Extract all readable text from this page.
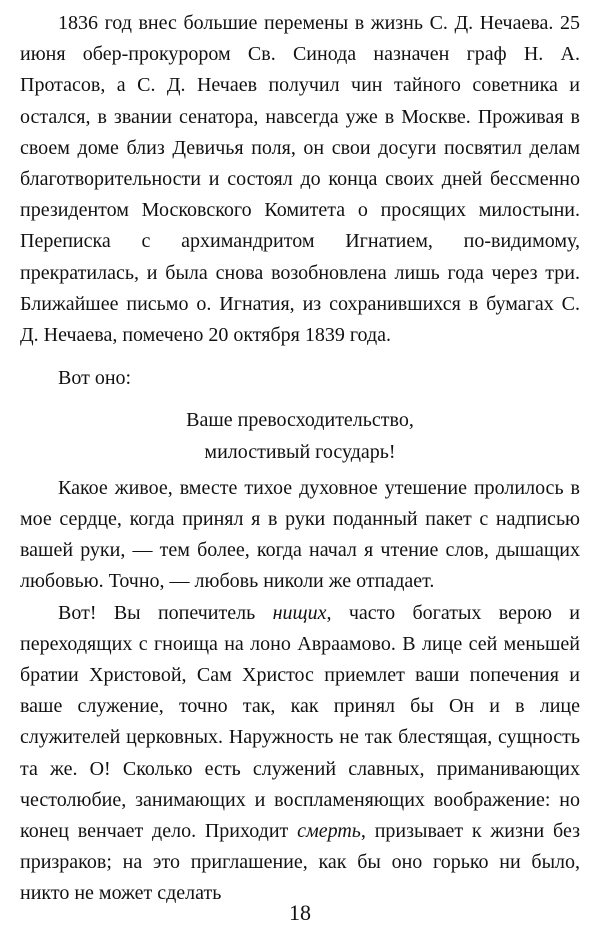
1836 год внес большие перемены в жизнь С. Д. Нечаева. 25 июня обер-прокурором Св. Синода назначен граф Н. А. Протасов, а С. Д. Нечаев получил чин тайного советника и остался, в звании сенатора, навсегда уже в Москве. Проживая в своем доме близ Девичья поля, он свои досуги посвятил делам благотворительности и состоял до конца своих дней бессменно президентом Московского Комитета о просящих милостыни. Переписка с архимандритом Игнатием, по-видимому, прекратилась, и была снова возобновлена лишь года через три. Ближайшее письмо о. Игнатия, из сохранившихся в бумагах С. Д. Нечаева, помечено 20 октября 1839 года.

Вот оно:

Ваше превосходительство,
милостивый государь!

Какое живое, вместе тихое духовное утешение пролилось в мое сердце, когда принял я в руки поданный пакет с надписью вашей руки, — тем более, когда начал я чтение слов, дышащих любовью. Точно, — любовь николи же отпадает.

Вот! Вы попечитель нищих, часто богатых верою и переходящих с гноища на лоно Авраамово. В лице сей меньшей братии Христовой, Сам Христос приемлет ваши попечения и ваше служение, точно так, как принял бы Он и в лице служителей церковных. Наружность не так блестящая, сущность та же. О! Сколько есть служений славных, приманивающих честолюбие, занимающих и воспламеняющих воображение: но конец венчает дело. Приходит смерть, призывает к жизни без призраков; на это приглашение, как бы оно горько ни было, никто не может сделать

18
